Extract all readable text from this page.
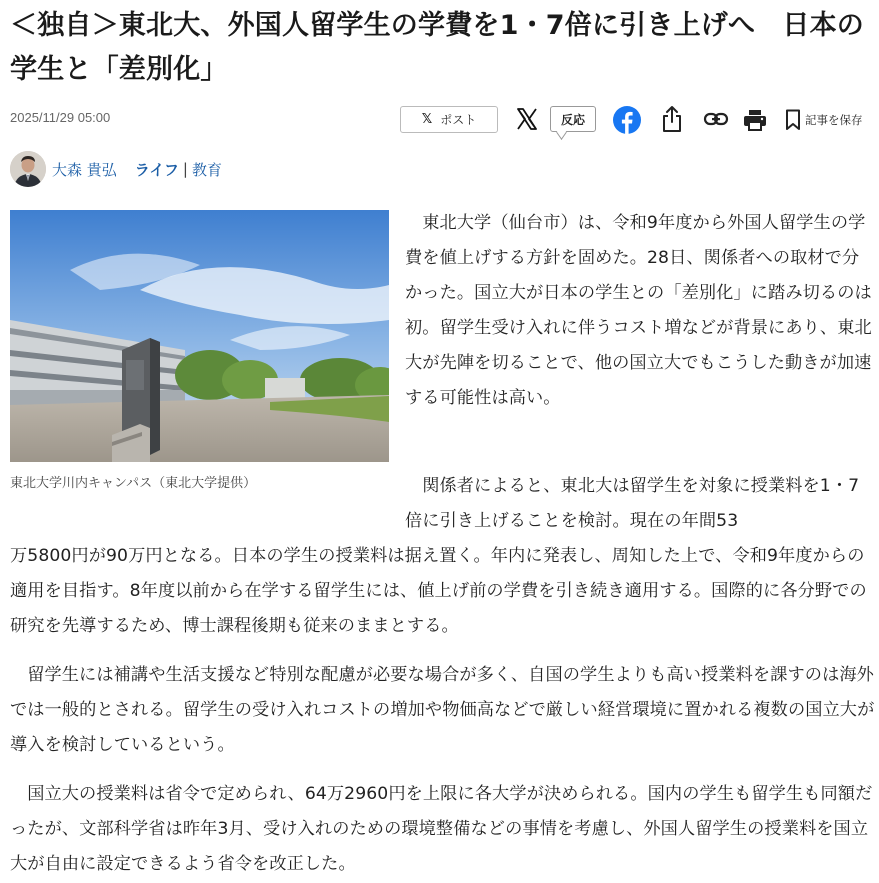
＜独自＞東北大、外国人留学生の学費を1・7倍に引き上げへ　日本の学生と「差別化」
2025/11/29 05:00	𝕏 ポスト	反応	記事を保存
大森 貴弘 ライフ | 教育
東北大学川内キャンパス（東北大学提供）

東北大学（仙台市）は、令和9年度から外国人留学生の学費を値上げする方針を固めた。28日、関係者への取材で分かった。国立大が日本の学生との「差別化」に踏み切るのは初。留学生受け入れに伴うコスト増などが背景にあり、東北大が先陣を切ることで、他の国立大でもこうした動きが加速する可能性は高い。

関係者によると、東北大は留学生を対象に授業料を1・7倍に引き上げることを検討。現在の年間53

万5800円が90万円となる。日本の学生の授業料は据え置く。年内に発表し、周知した上で、令和9年度からの適用を目指す。8年度以前から在学する留学生には、値上げ前の学費を引き続き適用する。国際的に各分野での研究を先導するため、博士課程後期も従来のままとする。

留学生には補講や生活支援など特別な配慮が必要な場合が多く、自国の学生よりも高い授業料を課すのは海外では一般的とされる。留学生の受け入れコストの増加や物価高などで厳しい経営環境に置かれる複数の国立大が導入を検討しているという。

国立大の授業料は省令で定められ、64万2960円を上限に各大学が決められる。国内の学生も留学生も同額だったが、文部科学省は昨年3月、受け入れのための環境整備などの事情を考慮し、外国人留学生の授業料を国立大が自由に設定できるよう省令を改正した。
